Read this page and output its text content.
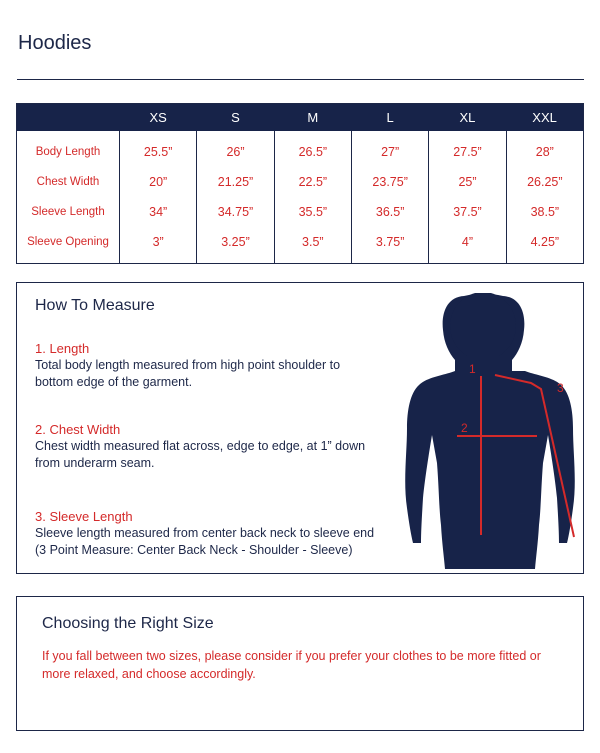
Hoodies
	XS	S	M	L	XL	XXL
Body Length	25.5”	26”	26.5”	27”	27.5”	28”
Chest Width	20”	21.25”	22.5”	23.75”	25”	26.25”
Sleeve Length	34”	34.75”	35.5”	36.5”	37.5”	38.5”
Sleeve Opening	3”	3.25”	3.5”	3.75”	4”	4.25”
How To Measure
1. Length
Total body length measured from high point shoulder to bottom edge of the garment.
2. Chest Width
Chest width measured flat across, edge to edge, at 1” down from underarm seam.
3. Sleeve Length
Sleeve length measured from center back neck to sleeve end (3 Point Measure: Center Back Neck - Shoulder - Sleeve)
1
2
3
Choosing the Right Size
If you fall between two sizes, please consider if you prefer your clothes to be more fitted or more relaxed, and choose accordingly.
